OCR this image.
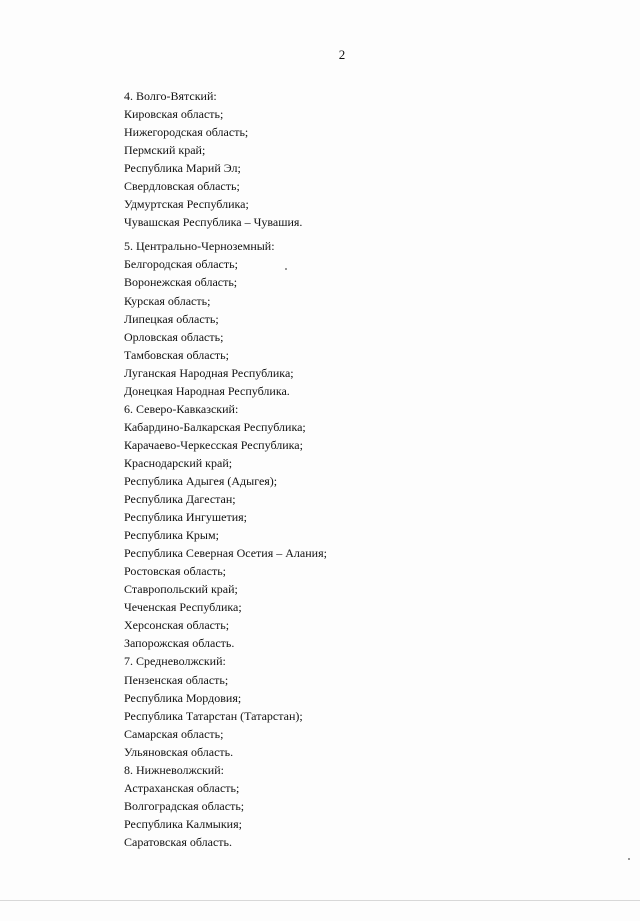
2
4. Волго-Вятский:
Кировская область;
Нижегородская область;
Пермский край;
Республика Марий Эл;
Свердловская область;
Удмуртская Республика;
Чувашская Республика – Чувашия.
5. Центрально-Черноземный:
Белгородская область;
Воронежская область;
Курская область;
Липецкая область;
Орловская область;
Тамбовская область;
Луганская Народная Республика;
Донецкая Народная Республика.
6. Северо-Кавказский:
Кабардино-Балкарская Республика;
Карачаево-Черкесская Республика;
Краснодарский край;
Республика Адыгея (Адыгея);
Республика Дагестан;
Республика Ингушетия;
Республика Крым;
Республика Северная Осетия – Алания;
Ростовская область;
Ставропольский край;
Чеченская Республика;
Херсонская область;
Запорожская область.
7. Средневолжский:
Пензенская область;
Республика Мордовия;
Республика Татарстан (Татарстан);
Самарская область;
Ульяновская область.
8. Нижневолжский:
Астраханская область;
Волгоградская область;
Республика Калмыкия;
Саратовская область.
